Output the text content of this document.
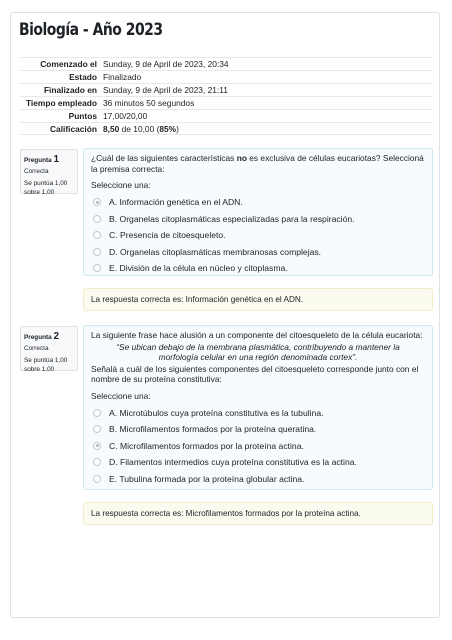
Biología - Año 2023
Comenzado el Sunday, 9 de April de 2023, 20:34
Estado Finalizado
Finalizado en Sunday, 9 de April de 2023, 21:11
Tiempo empleado 36 minutos 50 segundos
Puntos 17,00/20,00
Calificación 8,50 de 10,00 (85%)
Pregunta 1
Correcta
Se puntúa 1,00 sobre 1,00
¿Cuál de las siguientes características no es exclusiva de células eucariotas? Seleccioná la premisa correcta:
Seleccione una:
A. Información genética en el ADN.
B. Organelas citoplasmáticas especializadas para la respiración.
C. Presencia de citoesqueleto.
D. Organelas citoplasmáticas membranosas complejas.
E. División de la célula en núcleo y citoplasma.
La respuesta correcta es: Información genética en el ADN.
Pregunta 2
Correcta
Se puntúa 1,00 sobre 1,00

La siguiente frase hace alusión a un componente del citoesqueleto de la célula eucariota:

“Se ubican debajo de la membrana plasmática, contribuyendo a mantener la morfología celular en una región denominada cortex”.

Señalá a cuál de los siguientes componentes del citoesqueleto corresponde junto con el nombre de su proteína constitutiva:

Seleccione una:
A. Microtúbulos cuya proteína constitutiva es la tubulina.
B. Microfilamentos formados por la proteína queratina.
C. Microfilamentos formados por la proteína actina.
D. Filamentos intermedios cuya proteína constitutiva es la actina.
E. Tubulina formada por la proteína globular actina.
La respuesta correcta es: Microfilamentos formados por la proteína actina.
